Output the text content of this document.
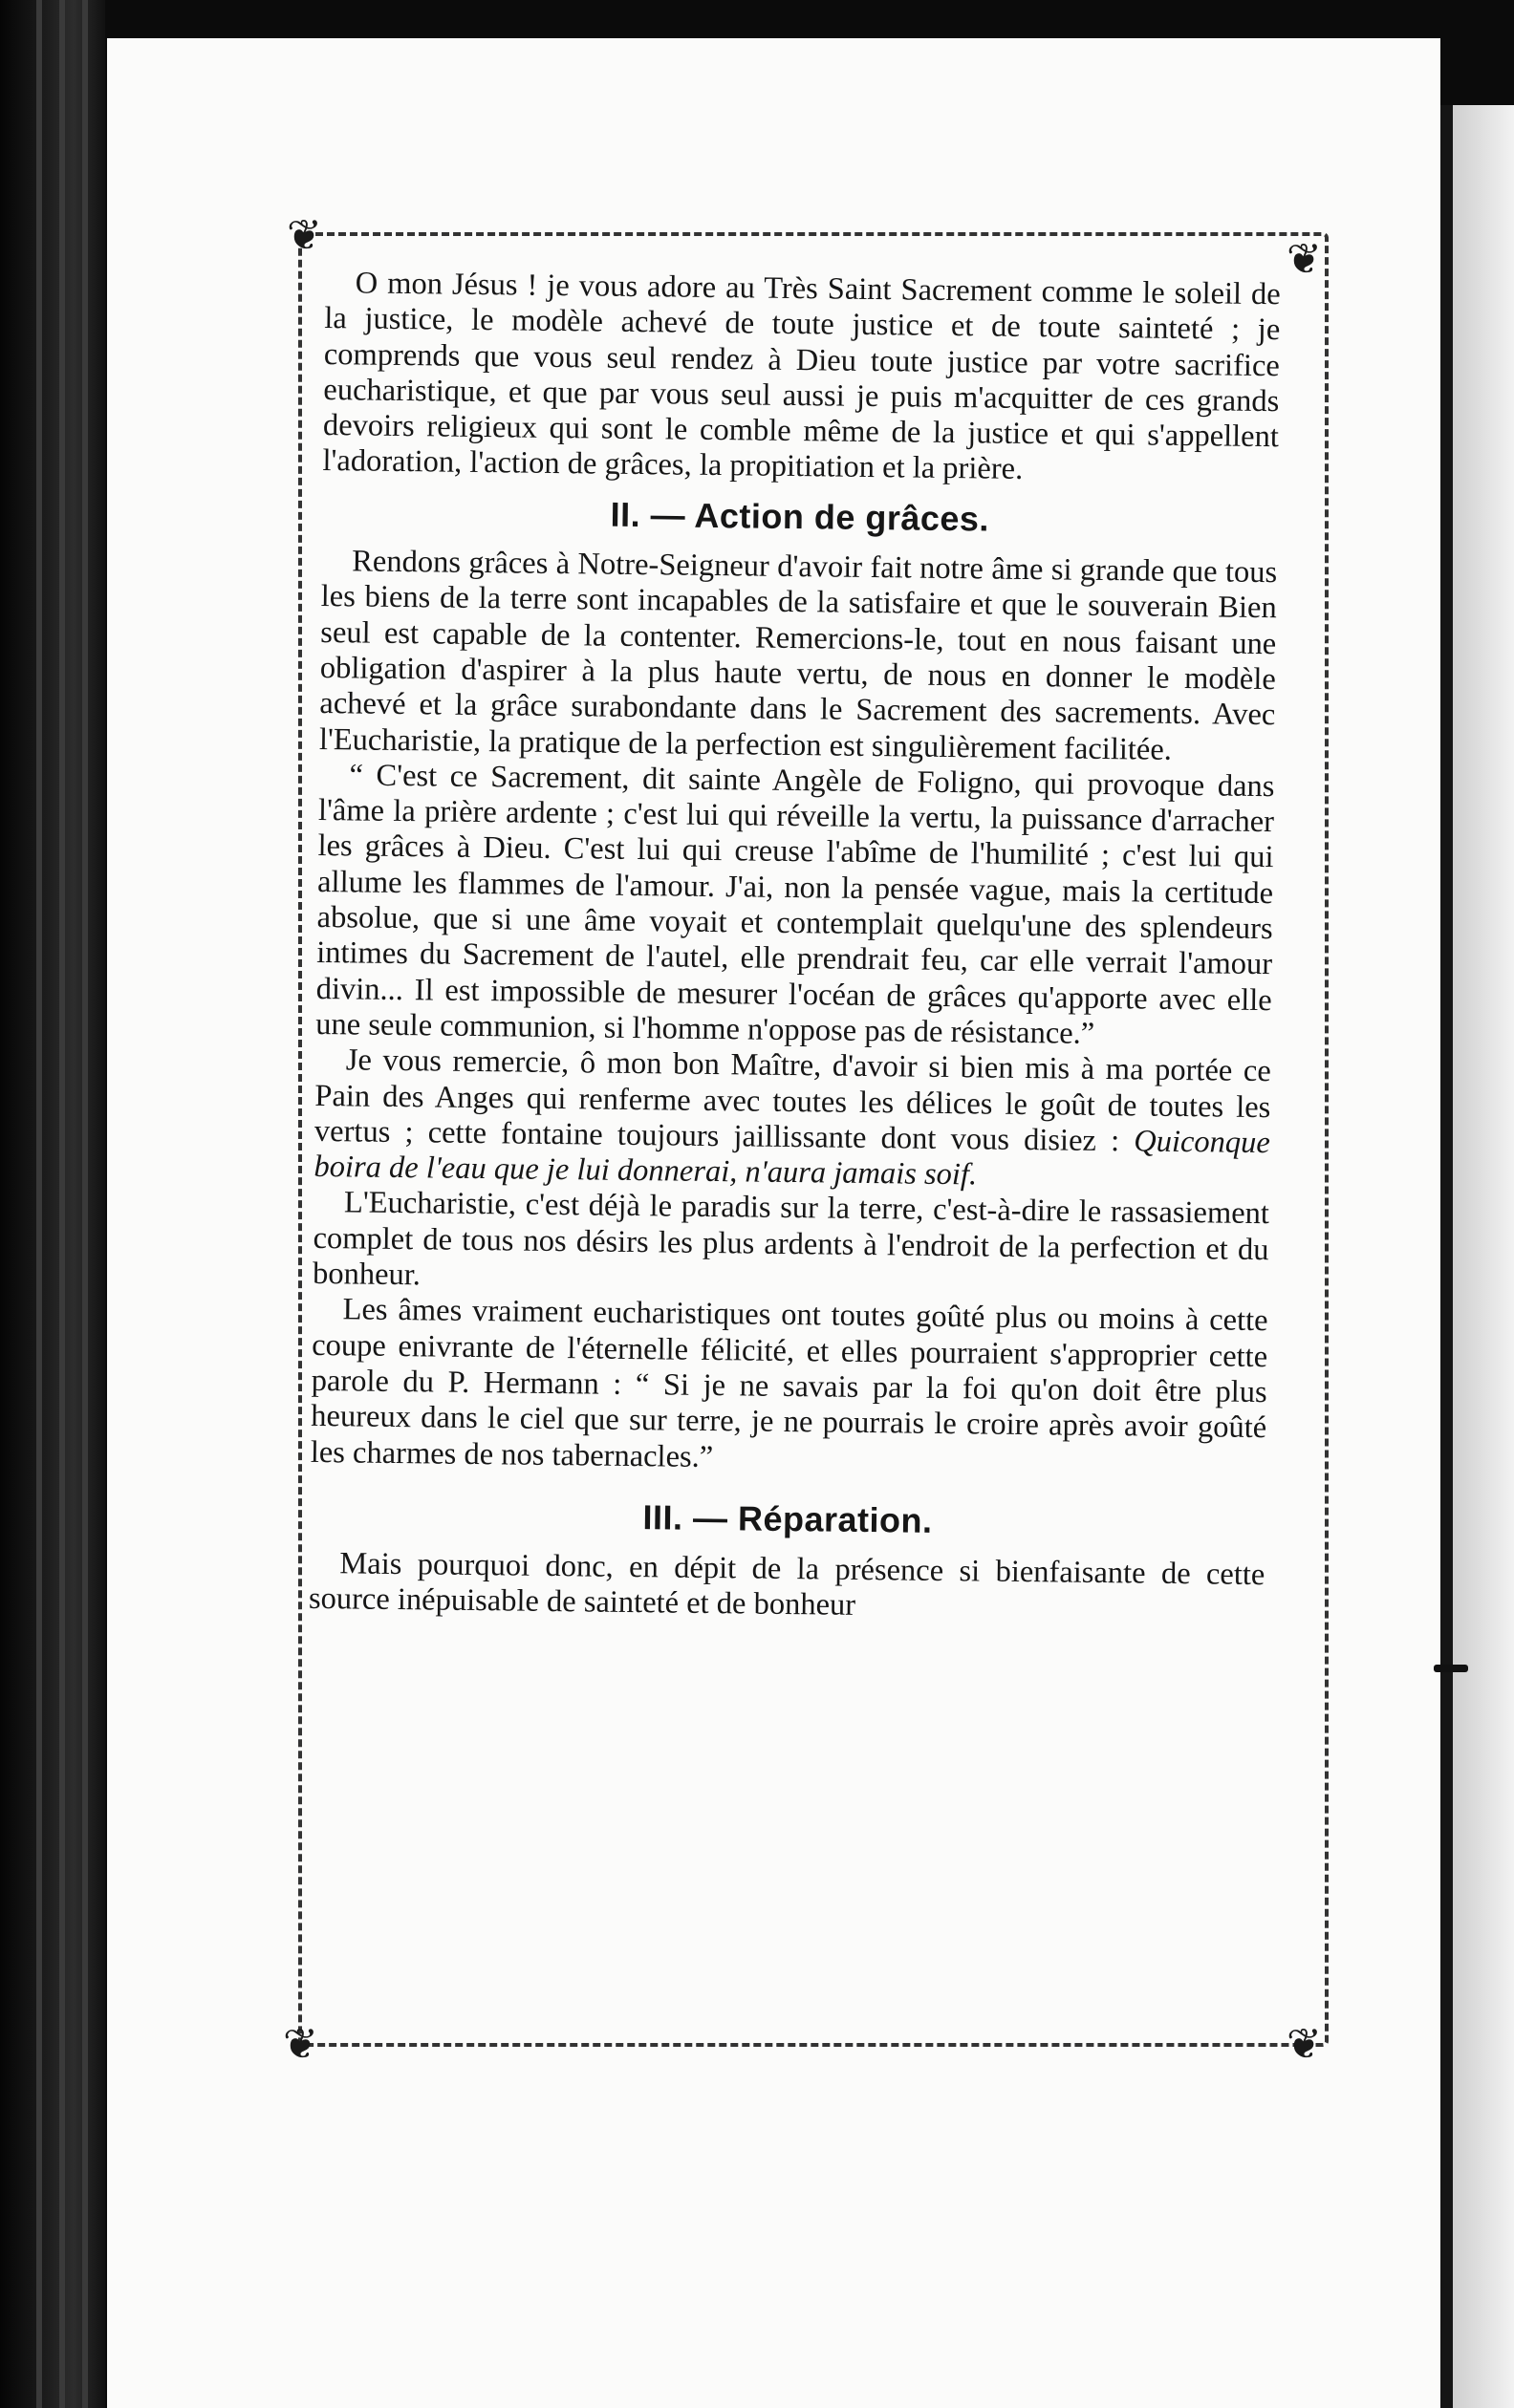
❦	❦
❦	❦

O mon Jésus ! je vous adore au Très Saint Sacrement comme le soleil de la justice, le modèle achevé de toute justice et de toute sainteté ; je comprends que vous seul rendez à Dieu toute justice par votre sacrifice eucharistique, et que par vous seul aussi je puis m'acquitter de ces grands devoirs religieux qui sont le comble même de la justice et qui s'appellent l'adoration, l'action de grâces, la propitiation et la prière.

II. — Action de grâces.

Rendons grâces à Notre-Seigneur d'avoir fait notre âme si grande que tous les biens de la terre sont incapables de la satisfaire et que le souverain Bien seul est capable de la contenter. Remercions-le, tout en nous faisant une obligation d'aspirer à la plus haute vertu, de nous en donner le modèle achevé et la grâce surabondante dans le Sacrement des sacrements. Avec l'Eucharistie, la pratique de la perfection est singulièrement facilitée.

“ C'est ce Sacrement, dit sainte Angèle de Foligno, qui provoque dans l'âme la prière ardente ; c'est lui qui réveille la vertu, la puissance d'arracher les grâces à Dieu. C'est lui qui creuse l'abîme de l'humilité ; c'est lui qui allume les flammes de l'amour. J'ai, non la pensée vague, mais la certitude absolue, que si une âme voyait et contemplait quelqu'une des splendeurs intimes du Sacrement de l'autel, elle prendrait feu, car elle verrait l'amour divin... Il est impossible de mesurer l'océan de grâces qu'apporte avec elle une seule communion, si l'homme n'oppose pas de résistance.”

Je vous remercie, ô mon bon Maître, d'avoir si bien mis à ma portée ce Pain des Anges qui renferme avec toutes les délices le goût de toutes les vertus ; cette fontaine toujours jaillissante dont vous disiez : Quiconque boira de l'eau que je lui donnerai, n'aura jamais soif.

L'Eucharistie, c'est déjà le paradis sur la terre, c'est-à-dire le rassasiement complet de tous nos désirs les plus ardents à l'endroit de la perfection et du bonheur.

Les âmes vraiment eucharistiques ont toutes goûté plus ou moins à cette coupe enivrante de l'éternelle félicité, et elles pourraient s'approprier cette parole du P. Hermann : “ Si je ne savais par la foi qu'on doit être plus heureux dans le ciel que sur terre, je ne pourrais le croire après avoir goûté les charmes de nos tabernacles.”

III. — Réparation.

Mais pourquoi donc, en dépit de la présence si bienfaisante de cette source inépuisable de sainteté et de bonheur
